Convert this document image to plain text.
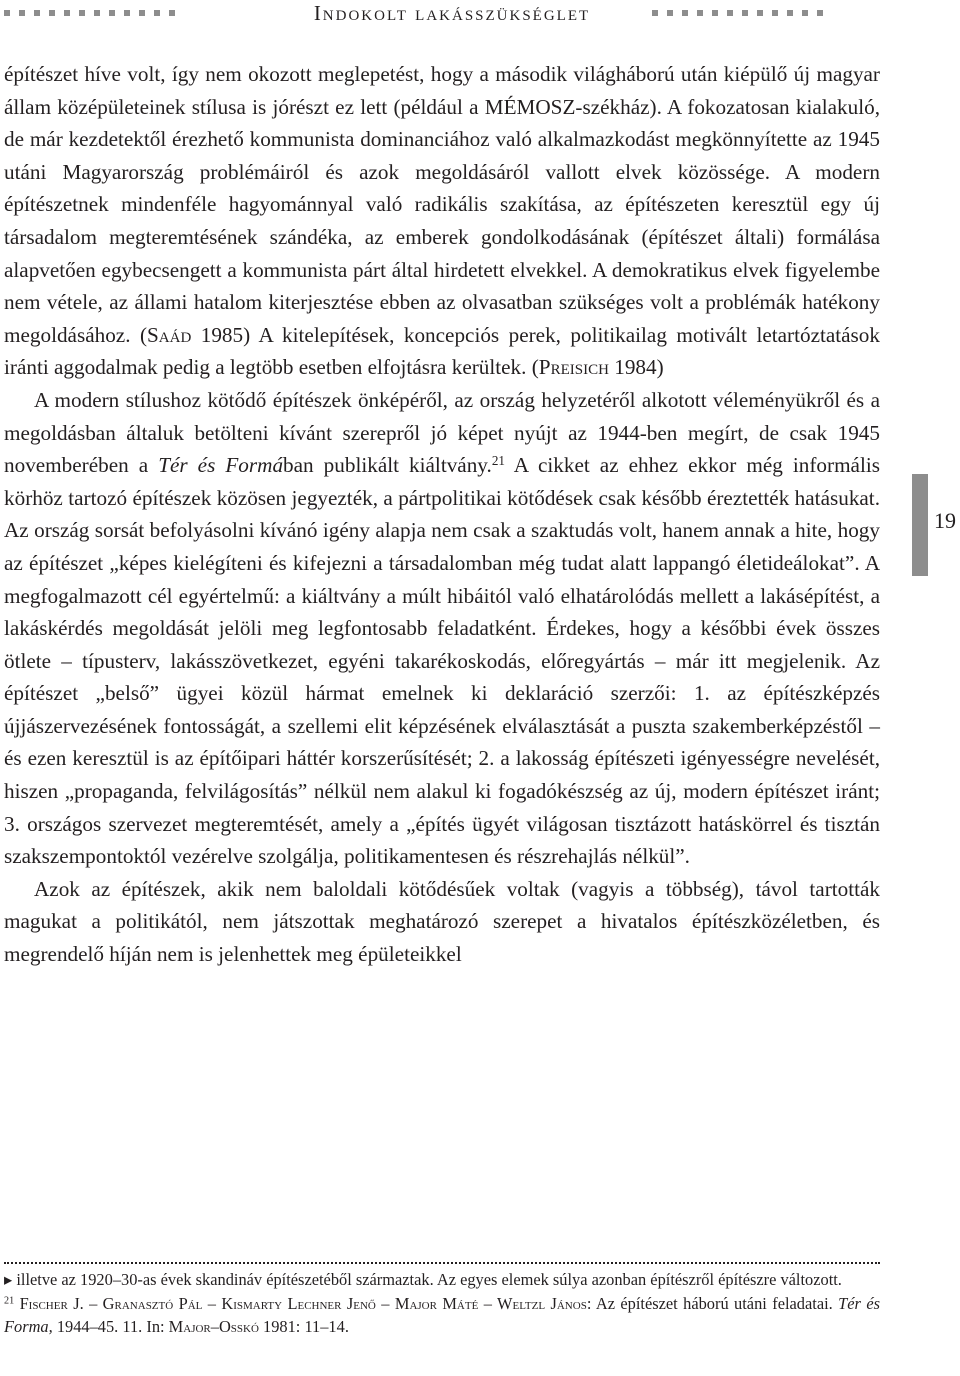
Indokolt lakásszükséglet
19

építészet híve volt, így nem okozott meglepetést, hogy a második világháború után kiépülő új magyar állam középületeinek stílusa is jórészt ez lett (például a MÉMOSZ-székház). A fokozatosan kialakuló, de már kezdetektől érezhető kommunista dominanciához való alkalmazkodást megkönnyítette az 1945 utáni Magyarország problémáiról és azok megoldásáról vallott elvek közössége. A modern építészetnek mindenféle hagyománnyal való radikális szakítása, az építészeten keresztül egy új társadalom megteremtésének szándéka, az emberek gondolkodásának (építészet általi) formálása alapvetően egybecsengett a kommunista párt által hirdetett elvekkel. A demokratikus elvek figyelembe nem vétele, az állami hatalom kiterjesztése ebben az olvasatban szükséges volt a problémák hatékony megoldásához. (Saád 1985) A kitelepítések, koncepciós perek, politikailag motivált letartóztatások iránti aggodalmak pedig a legtöbb esetben elfojtásra kerültek. (Preisich 1984)

A modern stílushoz kötődő építészek önképéről, az ország helyzetéről alkotott véleményükről és a megoldásban általuk betölteni kívánt szerepről jó képet nyújt az 1944-ben megírt, de csak 1945 novemberében a Tér és Formában publikált kiáltvány.$^{21}$ A cikket az ehhez ekkor még informális körhöz tartozó építészek közösen jegyezték, a pártpolitikai kötődések csak később éreztették hatásukat. Az ország sorsát befolyásolni kívánó igény alapja nem csak a szaktudás volt, hanem annak a hite, hogy az építészet „képes kielégíteni és kifejezni a társadalomban még tudat alatt lappangó életideálokat”. A megfogalmazott cél egyértelmű: a kiáltvány a múlt hibáitól való elhatárolódás mellett a lakásépítést, a lakáskérdés megoldását jelöli meg legfontosabb feladatként. Érdekes, hogy a későbbi évek összes ötlete – típusterv, lakásszövetkezet, egyéni takarékoskodás, előregyártás – már itt megjelenik. Az építészet „belső” ügyei közül hármat emelnek ki deklaráció szerzői: 1. az építészképzés újjászervezésének fontosságát, a szellemi elit képzésének elválasztását a puszta szakemberképzéstől – és ezen keresztül is az építőipari háttér korszerűsítését; 2. a lakosság építészeti igényességre nevelését, hiszen „propaganda, felvilágosítás” nélkül nem alakul ki fogadókészség az új, modern építészet iránt; 3. országos szervezet megteremtését, amely a „építés ügyét világosan tisztázott hatáskörrel és tisztán szakszempontoktól vezérelve szolgálja, politikamentesen és részrehajlás nélkül”.

Azok az építészek, akik nem baloldali kötődésűek voltak (vagyis a többség), távol tartották magukat a politikától, nem játszottak meghatározó szerepet a hivatalos építészközéletben, és megrendelő híján nem is jelenhettek meg épületeikkel

▸ illetve az 1920–30-as évek skandináv építészetéből származtak. Az egyes elemek súlya azonban építészről építészre változott.

$^{21}$ Fischer J. – Granasztó Pál – Kismarty Lechner Jenő – Major Máté – Weltzl János: Az építészet háború utáni feladatai. Tér és Forma, 1944–45. 11. In: Major–Osskó 1981: 11–14.
